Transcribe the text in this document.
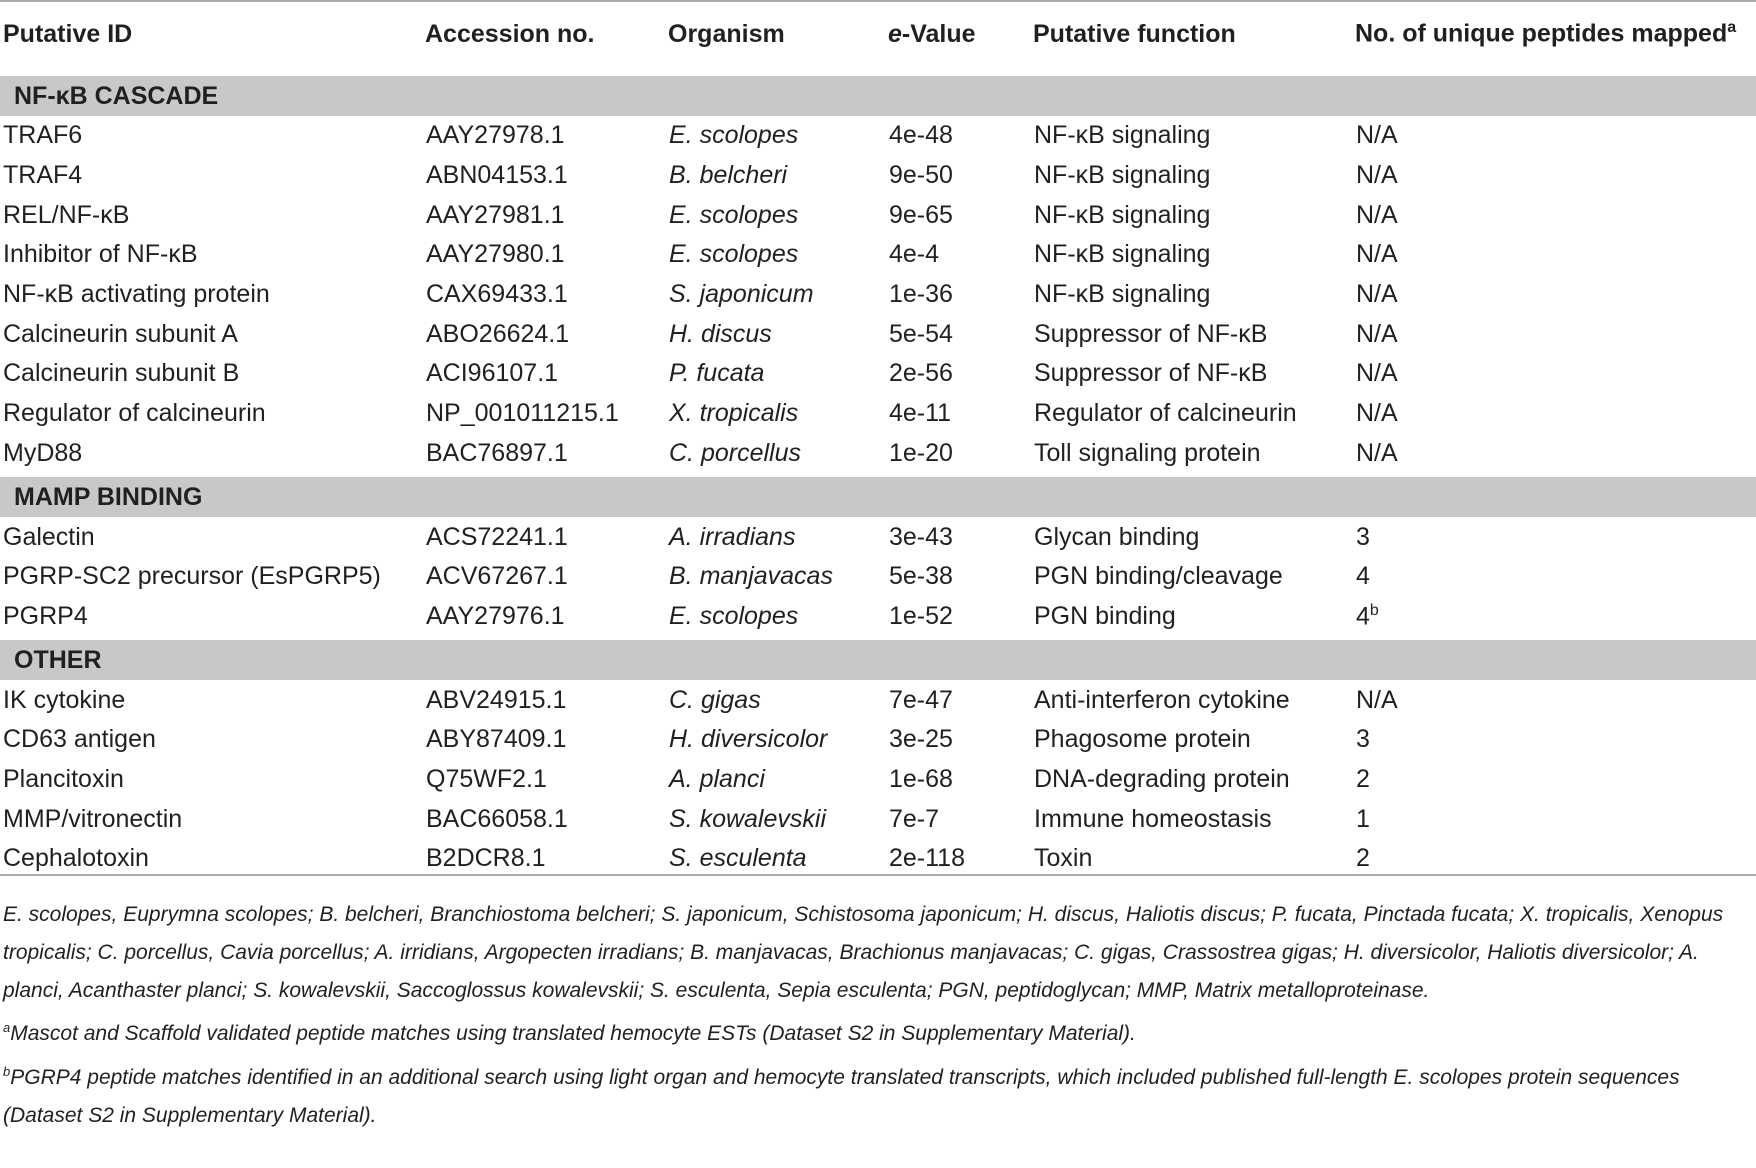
Putative ID	Accession no.	Organism	e-Value	Putative function	No. of unique peptides mapped$^a$
NF-κB CASCADE					
TRAF6	AAY27978.1	E. scolopes	4e-48	NF-κB signaling	N/A
TRAF4	ABN04153.1	B. belcheri	9e-50	NF-κB signaling	N/A
REL/NF-κB	AAY27981.1	E. scolopes	9e-65	NF-κB signaling	N/A
Inhibitor of NF-κB	AAY27980.1	E. scolopes	4e-4	NF-κB signaling	N/A
NF-κB activating protein	CAX69433.1	S. japonicum	1e-36	NF-κB signaling	N/A
Calcineurin subunit A	ABO26624.1	H. discus	5e-54	Suppressor of NF-κB	N/A
Calcineurin subunit B	ACI96107.1	P. fucata	2e-56	Suppressor of NF-κB	N/A
Regulator of calcineurin	NP_001011215.1	X. tropicalis	4e-11	Regulator of calcineurin	N/A
MyD88	BAC76897.1	C. porcellus	1e-20	Toll signaling protein	N/A
MAMP BINDING					
Galectin	ACS72241.1	A. irradians	3e-43	Glycan binding	3
PGRP-SC2 precursor (EsPGRP5)	ACV67267.1	B. manjavacas	5e-38	PGN binding/cleavage	4
PGRP4	AAY27976.1	E. scolopes	1e-52	PGN binding	4$^b$
OTHER					
IK cytokine	ABV24915.1	C. gigas	7e-47	Anti-interferon cytokine	N/A
CD63 antigen	ABY87409.1	H. diversicolor	3e-25	Phagosome protein	3
Plancitoxin	Q75WF2.1	A. planci	1e-68	DNA-degrading protein	2
MMP/vitronectin	BAC66058.1	S. kowalevskii	7e-7	Immune homeostasis	1
Cephalotoxin	B2DCR8.1	S. esculenta	2e-118	Toxin	2

E. scolopes, Euprymna scolopes; B. belcheri, Branchiostoma belcheri; S. japonicum, Schistosoma japonicum; H. discus, Haliotis discus; P. fucata, Pinctada fucata; X. tropicalis, Xenopus tropicalis; C. porcellus, Cavia porcellus; A. irridians, Argopecten irradians; B. manjavacas, Brachionus manjavacas; C. gigas, Crassostrea gigas; H. diversicolor, Haliotis diversicolor; A. planci, Acanthaster planci; S. kowalevskii, Saccoglossus kowalevskii; S. esculenta, Sepia esculenta; PGN, peptidoglycan; MMP, Matrix metalloproteinase.

$^a$Mascot and Scaffold validated peptide matches using translated hemocyte ESTs (Dataset S2 in Supplementary Material).

$^b$PGRP4 peptide matches identified in an additional search using light organ and hemocyte translated transcripts, which included published full-length E. scolopes protein sequences (Dataset S2 in Supplementary Material).
